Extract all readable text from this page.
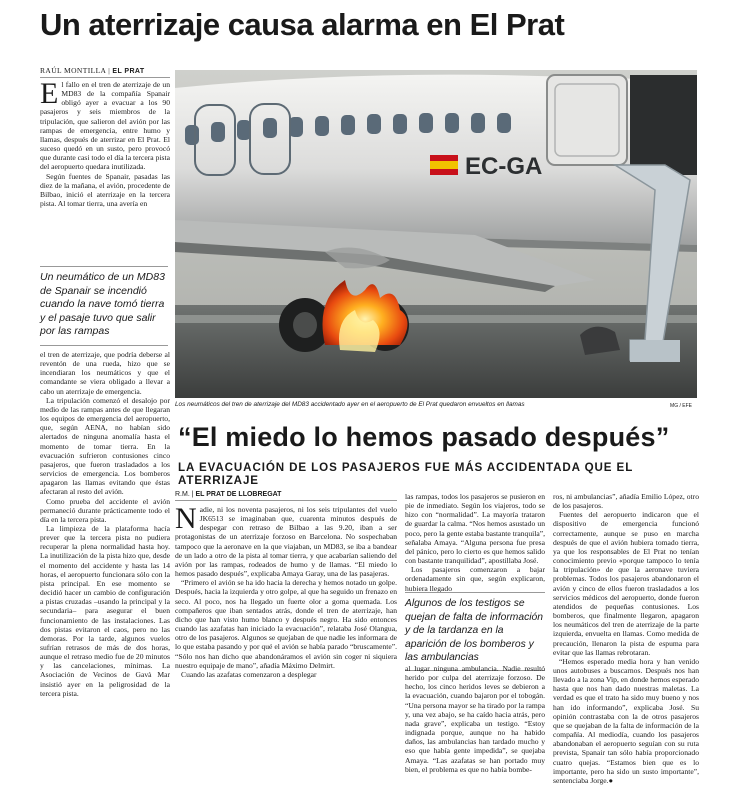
Un aterrizaje causa alarma en El Prat
RAÚL MONTILLA | EL PRAT

El fallo en el tren de aterrizaje de un MD83 de la compañía Spanair obligó ayer a evacuar a los 90 pasajeros y seis miembros de la tripulación, que salieron del avión por las rampas de emergencia, entre humo y llamas, después de aterrizar en El Prat. El suceso quedó en un susto, pero provocó que durante casi todo el día la tercera pista del aeropuerto quedara inutilizada.

Según fuentes de Spanair, pasadas las diez de la mañana, el avión, procedente de Bilbao, inició el aterrizaje en la tercera pista. Al tomar tierra, una avería en

Un neumático de un MD83 de Spanair se incendió cuando la nave tomó tierra y el pasaje tuvo que salir por las rampas

el tren de aterrizaje, que podría deberse al reventón de una rueda, hizo que se incendiaran los neumáticos y que el comandante se viera obligado a llevar a cabo un aterrizaje de emergencia.

La tripulación comenzó el desalojo por medio de las rampas antes de que llegaran los equipos de emergencia del aeropuerto, que, según AENA, no habían sido alertados de ninguna anomalía hasta el momento de tomar tierra. En la evacuación sufrieron contusiones cinco pasajeros, que fueron trasladados a los servicios de emergencia. Los bomberos apagaron las llamas evitando que éstas afectaran al resto del avión.

Como prueba del accidente el avión permaneció durante prácticamente todo el día en la tercera pista.

La limpieza de la plataforma hacía prever que la tercera pista no pudiera recuperar la plena normalidad hasta hoy. La inutilización de la pista hizo que, desde el momento del accidente y hasta las 14 horas, el aeropuerto funcionara sólo con la pista principal. En ese momento se decidió hacer un cambio de configuración a pistas cruzadas –usando la principal y la secundaria– para asegurar el buen funcionamiento de las instalaciones. Las dos pistas evitaron el caos, pero no las demoras. Por la tarde, algunos vuelos sufrían retrasos de más de dos horas, aunque el retraso medio fue de 20 minutos y las cancelaciones, mínimas. La Asociación de Vecinos de Gavà Mar insistió ayer en la peligrosidad de la tercera pista.

EC-GA
Los neumáticos del tren de aterrizaje del MD83 accidentado ayer en el aeropuerto de El Prat quedaron envueltos en llamas	MG / EFE
“El miedo lo hemos pasado después”
LA EVACUACIÓN DE LOS PASAJEROS FUE MÁS ACCIDENTADA QUE EL ATERRIZAJE
R.M. | EL PRAT DE LLOBREGAT

Nadie, ni los noventa pasajeros, ni los seis tripulantes del vuelo JK6513 se imaginaban que, cuarenta minutos después de despegar con retraso de Bilbao a las 9.20, iban a ser protagonistas de un aterrizaje forzoso en Barcelona. No sospechaban tampoco que la aeronave en la que viajaban, un MD83, se iba a bandear de un lado a otro de la pista al tomar tierra, y que acabarían saliendo del avión por las rampas, rodeados de humo y de llamas. “El miedo lo hemos pasado después”, explicaba Amaya Garay, una de las pasajeras.

“Primero el avión se ha ido hacia la derecha y hemos notado un golpe. Después, hacia la izquierda y otro golpe, al que ha seguido un frenazo en seco. Al poco, nos ha llegado un fuerte olor a goma quemada. Los compañeros que iban sentados atrás, donde el tren de aterrizaje, han dicho que han visto humo blanco y después negro. Ha sido entonces cuando las azafatas han iniciado la evacuación”, relataba José Olangua, otro de los pasajeros. Algunos se quejaban de que nadie les informara de lo que estaba pasando y por qué el avión se había parado “bruscamente”. “Sólo nos han dicho que abandonáramos el avión sin coger ni siquiera nuestro equipaje de mano”, añadía Máximo Delmirt.

Cuando las azafatas comenzaron a desplegar

las rampas, todos los pasajeros se pusieron en pie de inmediato. Según los viajeros, todo se hizo con “normalidad”. La mayoría trataron de guardar la calma. “Nos hemos asustado un poco, pero la gente estaba bastante tranquila”, señalaba Amaya. “Alguna persona fue presa del pánico, pero lo cierto es que hemos salido con bastante tranquilidad”, apostillaba José.

Los pasajeros comenzaron a bajar ordenadamente sin que, según explicaron, hubiera llegado

Algunos de los testigos se quejan de falta de información y de la tardanza en la aparición de los bomberos y las ambulancias

al lugar ninguna ambulancia. Nadie resultó herido por culpa del aterrizaje forzoso. De hecho, los cinco heridos leves se debieron a la evacuación, cuando bajaron por el tobogán. “Una persona mayor se ha tirado por la rampa y, una vez abajo, se ha caído hacia atrás, pero nada grave”, explicaba un testigo. “Estoy indignada porque, aunque no ha habido daños, las ambulancias han tardado mucho y eso que había gente impedida”, se quejaba Amaya. “Las azafatas se han portado muy bien, el problema es que no había bombe-

ros, ni ambulancias”, añadía Emilio López, otro de los pasajeros.

Fuentes del aeropuerto indicaron que el dispositivo de emergencia funcionó correctamente, aunque se puso en marcha después de que el avión hubiera tomado tierra, ya que los responsables de El Prat no tenían conocimiento previo «porque tampoco lo tenía la tripulación» de que la aeronave tuviera problemas. Todos los pasajeros abandonaron el avión y cinco de ellos fueron trasladados a los servicios médicos del aeropuerto, donde fueron atendidos de pequeñas contusiones. Los bomberos, que finalmente llegaron, apagaron los neumáticos del tren de aterrizaje de la parte izquierda, envuelta en llamas. Como medida de precaución, llenaron la pista de espuma para evitar que las llamas rebrotaran.

“Hemos esperado media hora y han venido unos autobuses a buscarnos. Después nos han llevado a la zona Vip, en donde hemos esperado hasta que nos han dado nuestras maletas. La verdad es que el trato ha sido muy bueno y nos han ido informando”, explicaba José. Su opinión contrastaba con la de otros pasajeros que se quejaban de la falta de información de la compañía. Al mediodía, cuando los pasajeros abandonaban el aeropuerto seguían con su ruta prevista, Spanair tan sólo había proporcionado cuatro quejas. “Estamos bien que es lo importante, pero ha sido un susto importante”, sentenciaba Jorge.●
